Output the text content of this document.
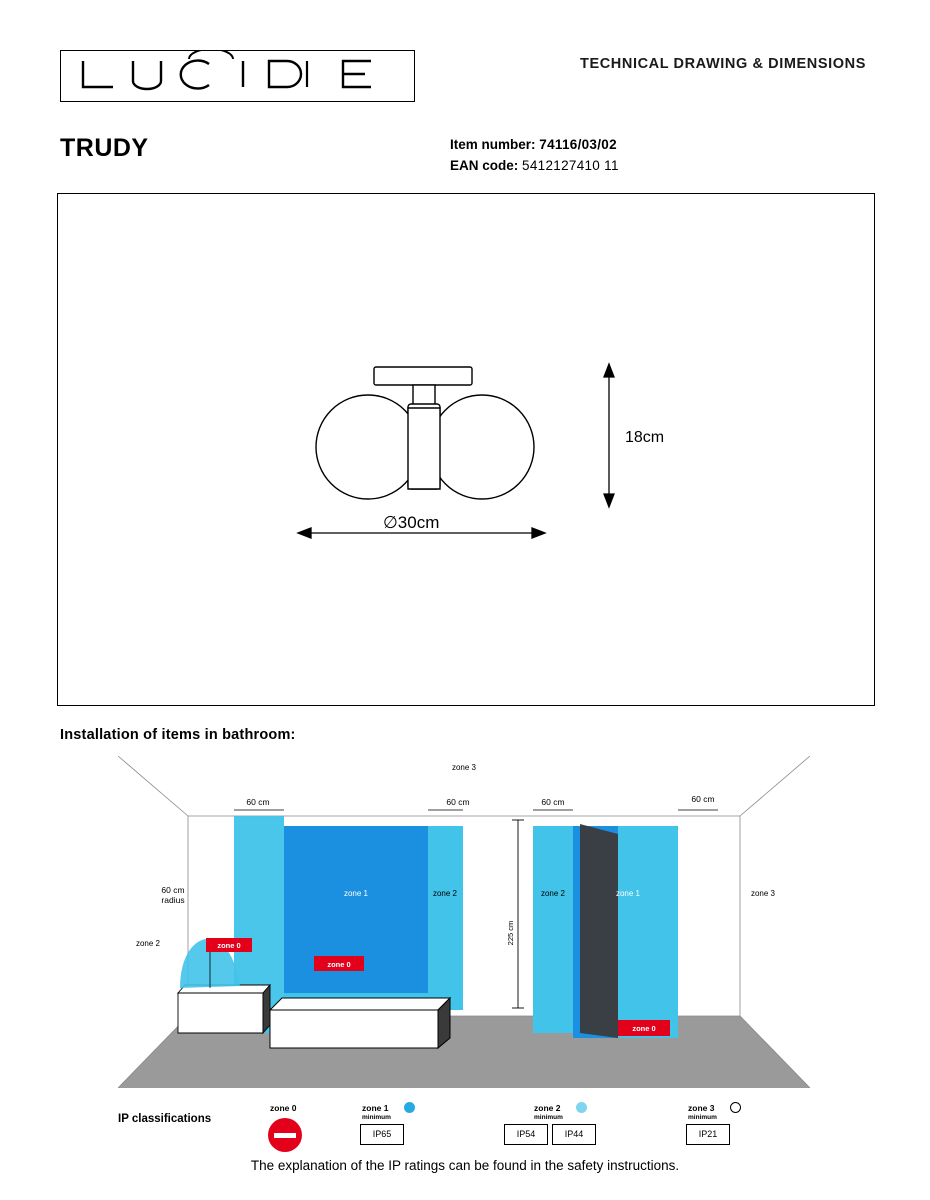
TECHNICAL DRAWING & DIMENSIONS
TRUDY	Item number: 74116/03/02
EAN code: 5412127410 11
18cm
∅30cm
Installation of items in bathroom:
225 cm
zone 3
60 cm	60 cm	60 cm	60 cm
zone 1	zone 2	zone 2	zone 1	zone 3
60 cm
radius
zone 2	zone 0
zone 0
zone 0
IP classifications
zone 0	zone 1
minimum
IP65
zone 2
minimum
IP54	IP44
zone 3
minimum
IP21
The explanation of the IP ratings can be found in the safety instructions.
